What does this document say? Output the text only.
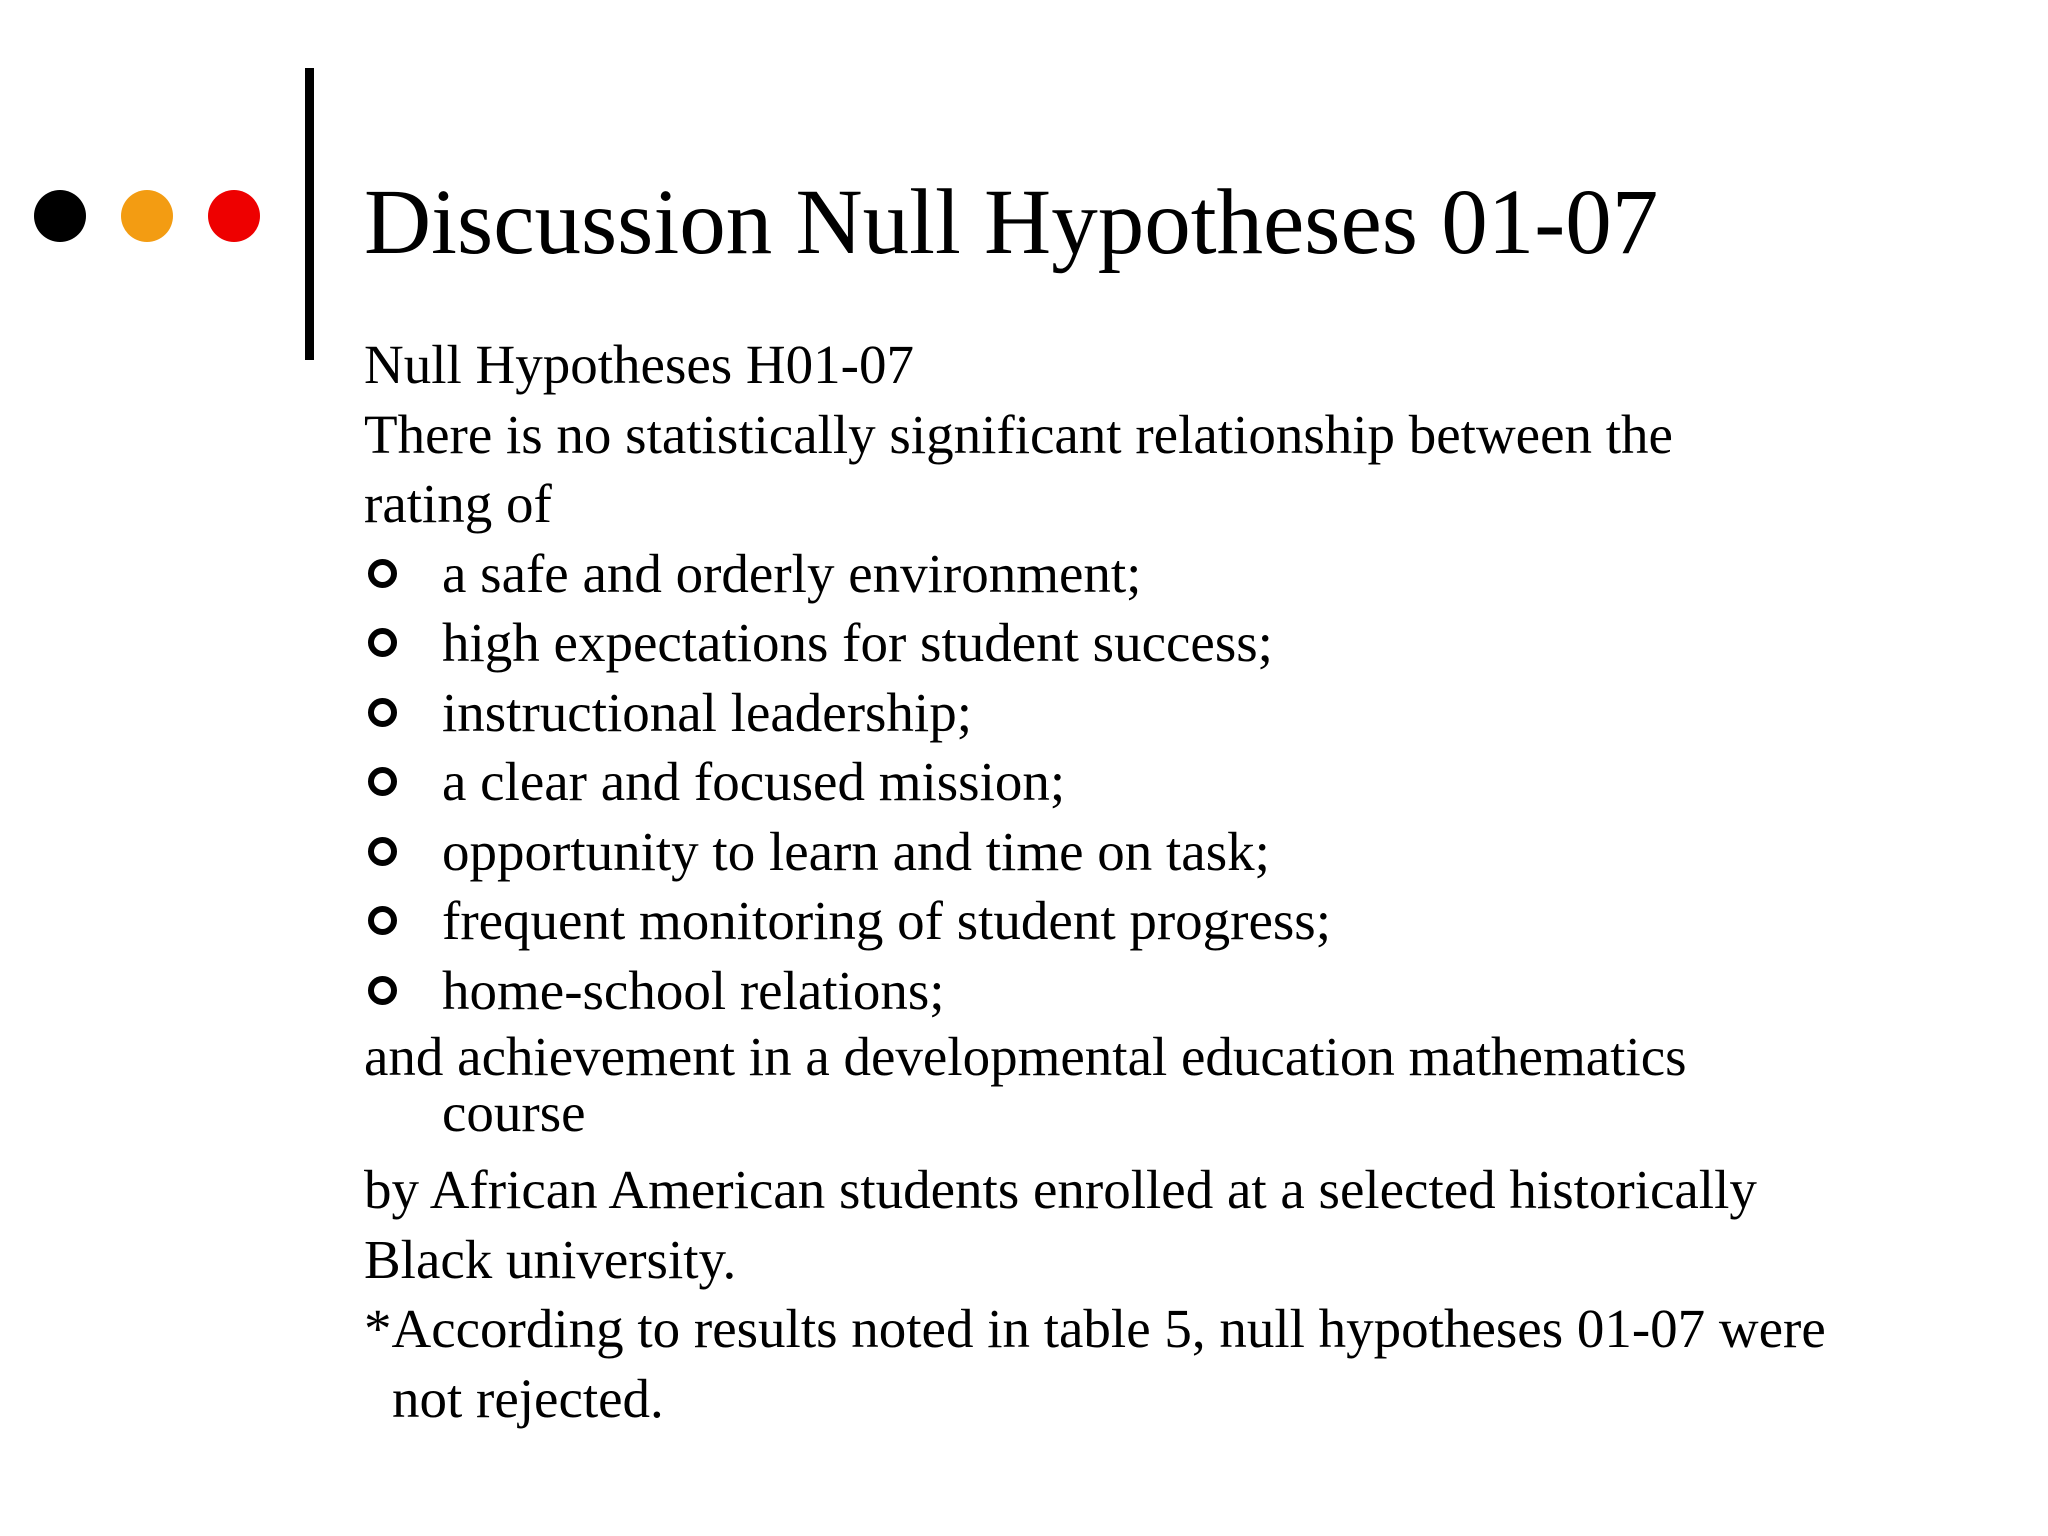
Discussion Null Hypotheses 01-07
Null Hypotheses H01-07
There is no statistically significant relationship between the
rating of
a safe and orderly environment;
high expectations for student success;
instructional leadership;
a clear and focused mission;
opportunity to learn and time on task;
frequent monitoring of student progress;
home-school relations;
and achievement in a developmental education mathematics
course
by African American students enrolled at a selected historically
Black university.
*According to results noted in table 5, null hypotheses 01-07 were
not rejected.
